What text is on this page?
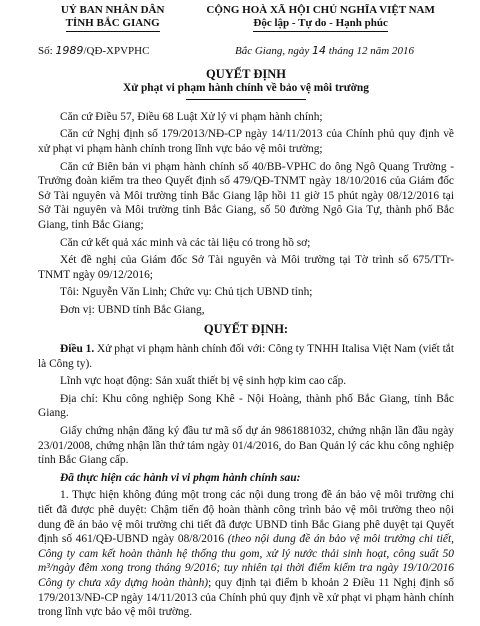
UỶ BAN NHÂN DÂN
TỈNH BẮC GIANG
CỘNG HOÀ XÃ HỘI CHỦ NGHĨA VIỆT NAM
Độc lập - Tự do - Hạnh phúc
Số: 1989/QĐ-XPVPHC	Bắc Giang, ngày 14 tháng 12 năm 2016
QUYẾT ĐỊNH
Xử phạt vi phạm hành chính về bảo vệ môi trường

Căn cứ Điều 57, Điều 68 Luật Xử lý vi phạm hành chính;

Căn cứ Nghị định số 179/2013/NĐ-CP ngày 14/11/2013 của Chính phủ quy định về xử phạt vi phạm hành chính trong lĩnh vực bảo vệ môi trường;

Căn cứ Biên bản vi phạm hành chính số 40/BB-VPHC do ông Ngô Quang Trường - Trưởng đoàn kiểm tra theo Quyết định số 479/QĐ-TNMT ngày 18/10/2016 của Giám đốc Sở Tài nguyên và Môi trường tỉnh Bắc Giang lập hồi 11 giờ 15 phút ngày 08/12/2016 tại Sở Tài nguyên và Môi trường tỉnh Bắc Giang, số 50 đường Ngô Gia Tự, thành phố Bắc Giang, tỉnh Bắc Giang;

Căn cứ kết quả xác minh và các tài liệu có trong hồ sơ;

Xét đề nghị của Giám đốc Sở Tài nguyên và Môi trường tại Tờ trình số 675/TTr-TNMT ngày 09/12/2016;

Tôi: Nguyễn Văn Linh; Chức vụ: Chủ tịch UBND tỉnh;

Đơn vị: UBND tỉnh Bắc Giang,

QUYẾT ĐỊNH:

Điều 1. Xử phạt vi phạm hành chính đối với: Công ty TNHH Italisa Việt Nam (viết tắt là Công ty).

Lĩnh vực hoạt động: Sản xuất thiết bị vệ sinh hợp kim cao cấp.

Địa chỉ: Khu công nghiệp Song Khê - Nội Hoàng, thành phố Bắc Giang, tỉnh Bắc Giang.

Giấy chứng nhận đăng ký đầu tư mã số dự án 9861881032, chứng nhận lần đầu ngày 23/01/2008, chứng nhận lần thứ tám ngày 01/4/2016, do Ban Quản lý các khu công nghiệp tỉnh Bắc Giang cấp.

Đã thực hiện các hành vi vi phạm hành chính sau:

1. Thực hiện không đúng một trong các nội dung trong đề án bảo vệ môi trường chi tiết đã được phê duyệt: Chậm tiến độ hoàn thành công trình bảo vệ môi trường theo nội dung đề án bảo vệ môi trường chi tiết đã được UBND tỉnh Bắc Giang phê duyệt tại Quyết định số 461/QĐ-UBND ngày 08/8/2016 (theo nội dung đề án bảo vệ môi trường chi tiết, Công ty cam kết hoàn thành hệ thống thu gom, xử lý nước thải sinh hoạt, công suất 50 m³/ngày đêm xong trong tháng 9/2016; tuy nhiên tại thời điểm kiểm tra ngày 19/10/2016 Công ty chưa xây dựng hoàn thành); quy định tại điểm b khoản 2 Điều 11 Nghị định số 179/2013/NĐ-CP ngày 14/11/2013 của Chính phủ quy định về xử phạt vi phạm hành chính trong lĩnh vực bảo vệ môi trường.
